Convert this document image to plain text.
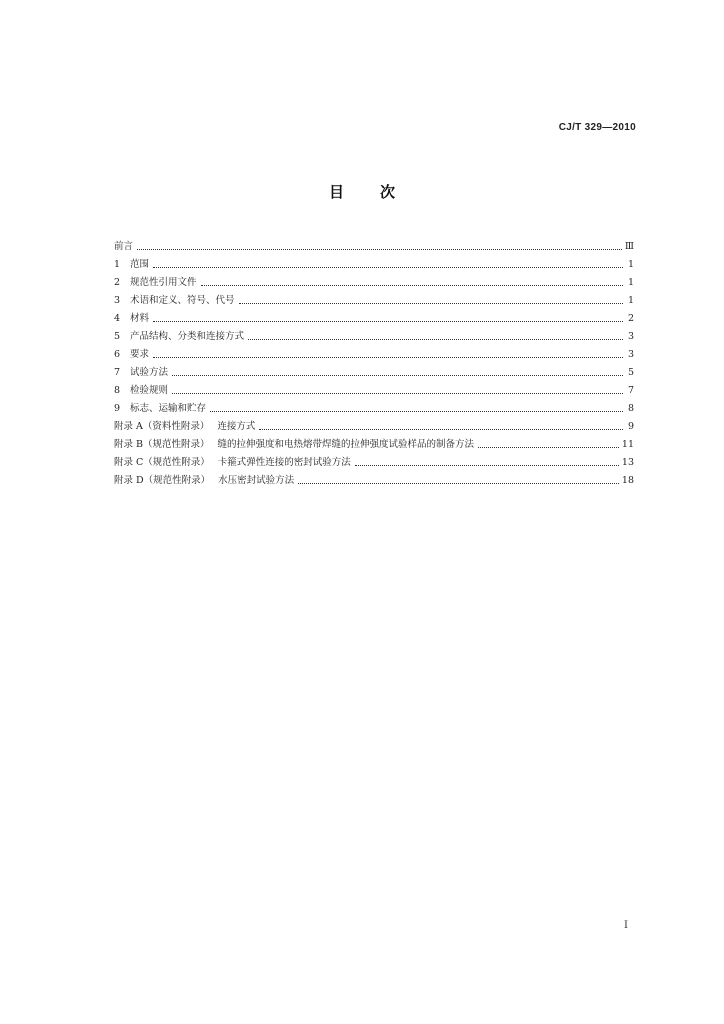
CJ/T 329—2010
目 次
前言	Ⅲ
1	范围	1
2	规范性引用文件	1
3	术语和定义、符号、代号	1
4	材料	2
5	产品结构、分类和连接方式	3
6	要求	3
7	试验方法	5
8	检验规则	7
9	标志、运输和贮存	8
附录 A（资料性附录） 连接方式	9
附录 B（规范性附录） 缝的拉伸强度和电热熔带焊缝的拉伸强度试验样品的制备方法	11
附录 C（规范性附录） 卡箍式弹性连接的密封试验方法	13
附录 D（规范性附录） 水压密封试验方法	18
I
